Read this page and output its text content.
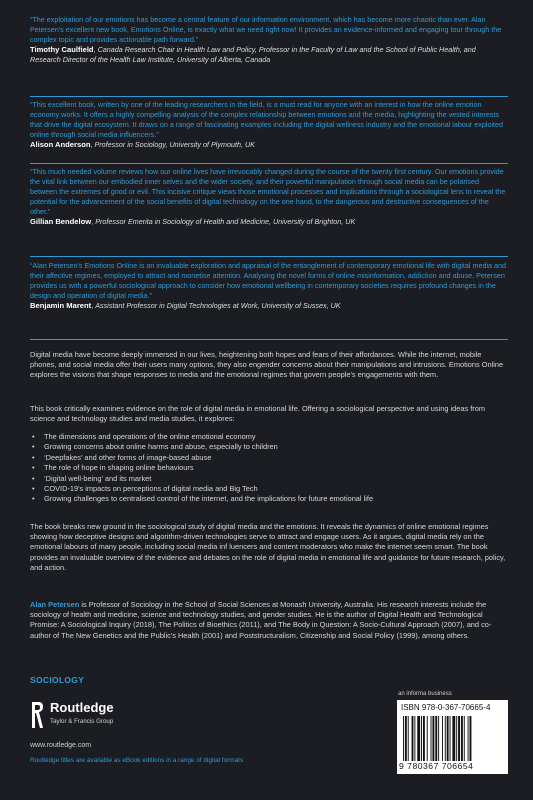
“The exploitation of our emotions has become a central feature of our information environment, which has become more chaotic than ever. Alan Petersen's excellent new book, Emotions Online, is exactly what we need right now! It provides an evidence-informed and engaging tour through the complex topic and provides actionable path forward.”
Timothy Caulfield, Canada Research Chair in Health Law and Policy, Professor in the Faculty of Law and the School of Public Health, and Research Director of the Health Law Institute, University of Alberta, Canada
“This excellent book, written by one of the leading researchers in the field, is a must read for anyone with an interest in how the online emotion economy works. It offers a highly compelling analysis of the complex relationship between emotions and the media, highlighting the vested interests that drive the digital ecosystem. It draws on a range of fascinating examples including the digital wellness industry and the emotional labour exploited online through social media influencers.”
Alison Anderson, Professor in Sociology, University of Plymouth, UK
“This much needed volume reviews how our online lives have irrevocably changed during the course of the twenty first century. Our emotions provide the vital link between our embodied inner selves and the wider society, and their powerful manipulation through social media can be polarised between the extremes of good or evil. This incisive critique views those emotional processes and implications through a sociological lens to reveal the potential for the advancement of the social benefits of digital technology on the one hand, to the dangerous and destructive consequences of the other.”
Gillian Bendelow, Professor Emerita in Sociology of Health and Medicine, University of Brighton, UK
“Alan Petersen's Emotions Online is an invaluable exploration and appraisal of the entanglement of contemporary emotional life with digital media and their affective regimes, employed to attract and monetise attention. Analysing the novel forms of online misinformation, addiction and abuse, Petersen provides us with a powerful sociological approach to consider how emotional wellbeing in contemporary societies requires profound changes in the design and operation of digital media.”
Benjamin Marent, Assistant Professor in Digital Technologies at Work, University of Sussex, UK

Digital media have become deeply immersed in our lives, heightening both hopes and fears of their affordances. While the internet, mobile phones, and social media offer their users many options, they also engender concerns about their manipulations and intrusions. Emotions Online explores the visions that shape responses to media and the emotional regimes that govern people's engagements with them.

This book critically examines evidence on the role of digital media in emotional life. Offering a sociological perspective and using ideas from science and technology studies and media studies, it explores:

• The dimensions and operations of the online emotional economy
• Growing concerns about online harms and abuse, especially to children
• ‘Deepfakes’ and other forms of image-based abuse
• The role of hope in shaping online behaviours
• ‘Digital well-being’ and its market
• COVID-19's impacts on perceptions of digital media and Big Tech
• Growing challenges to centralised control of the internet, and the implications for future emotional life

The book breaks new ground in the sociological study of digital media and the emotions. It reveals the dynamics of online emotional regimes showing how deceptive designs and algorithm-driven technologies serve to attract and engage users. As it argues, digital media rely on the emotional labours of many people, including social media inf luencers and content moderators who make the internet seem smart. The book provides an invaluable overview of the evidence and debates on the role of digital media in emotional life and guidance for future research, policy, and action.

Alan Petersen is Professor of Sociology in the School of Social Sciences at Monash University, Australia. His research interests include the sociology of health and medicine, science and technology studies, and gender studies. He is the author of Digital Health and Technological Promise: A Sociological Inquiry (2018), The Politics of Bioethics (2011), and The Body in Question: A Socio-Cultural Approach (2007), and co-author of The New Genetics and the Public's Health (2001) and Poststructuralism, Citizenship and Social Policy (1999), among others.

SOCIOLOGY
Routledge
Taylor & Francis Group
www.routledge.com
Routledge titles are available as eBook editions in a range of digital formats
an informa business
ISBN 978-0-367-70665-4
9 780367 706654
